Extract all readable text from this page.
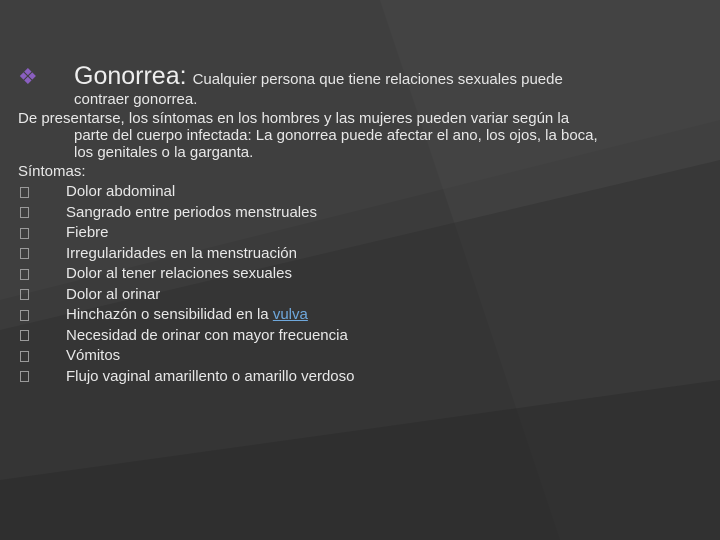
❖	Gonorrea: Cualquier persona que tiene relaciones sexuales puede
contraer gonorrea.
De presentarse, los síntomas en los hombres y las mujeres pueden variar según la
parte del cuerpo infectada: La gonorrea puede afectar el ano, los ojos, la boca,
los genitales o la garganta.
Síntomas:
Dolor abdominal
Sangrado entre periodos menstruales
Fiebre
Irregularidades en la menstruación
Dolor al tener relaciones sexuales
Dolor al orinar
Hinchazón o sensibilidad en la
vulva
Necesidad de orinar con mayor frecuencia
Vómitos
Flujo vaginal amarillento o amarillo verdoso
